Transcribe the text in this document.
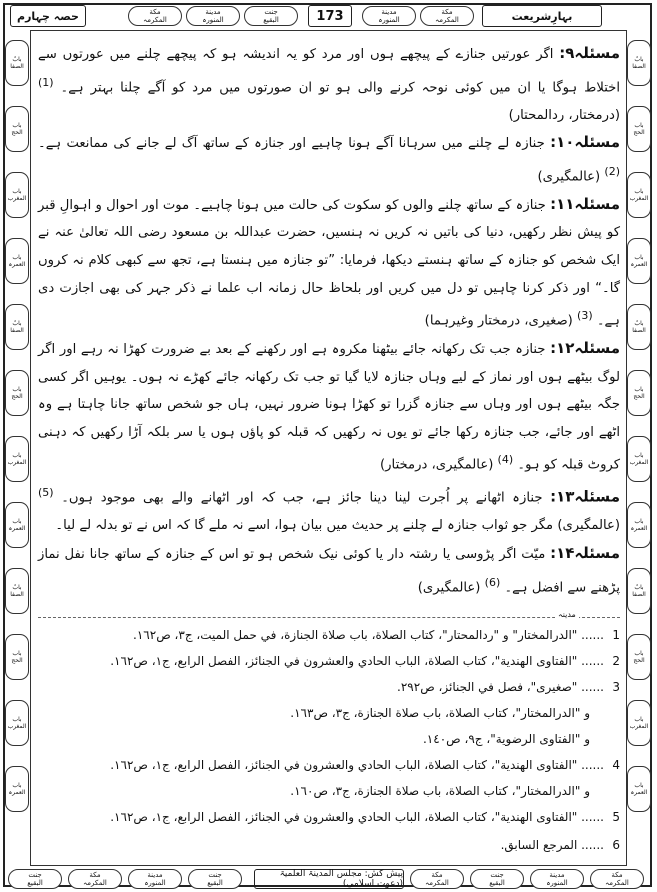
بہارِشریعت
مکة
المکرمہ
مدینة
المنورہ
173
جنت
البقیع
مدینة
المنورہ
مکة
المکرمہ
حصہ چہارم
بابُ
الصفا
باب
الحج
باب
المغرب
باب
العمرہ
بابُ
الصفا
باب
الحج
باب
المغرب
باب
العمرہ
بابُ
الصفا
باب
الحج
باب
المغرب
باب
العمرہ
بابُ
الصفا
باب
الحج
باب
المغرب
باب
العمرہ
بابُ
الصفا
باب
الحج
باب
المغرب
باب
العمرہ
بابُ
الصفا
باب
الحج
باب
المغرب
باب
العمرہ

مسئلہ۹: اگر عورتیں جنازے کے پیچھے ہوں اور مرد کو یہ اندیشہ ہو کہ پیچھے چلنے میں عورتوں سے اختلاط ہوگا یا ان میں کوئی نوحہ کرنے والی ہو تو ان صورتوں میں مرد کو آگے چلنا بہتر ہے۔ $^{(1)}$ (درمختار، ردالمحتار)

مسئلہ۱۰: جنازہ لے چلنے میں سرہانا آگے ہونا چاہیے اور جنازہ کے ساتھ آگ لے جانے کی ممانعت ہے۔ $^{(2)}$ (عالمگیری)

مسئلہ۱۱: جنازہ کے ساتھ چلنے والوں کو سکوت کی حالت میں ہونا چاہیے۔ موت اور احوال و اہوالِ قبر کو پیش نظر رکھیں، دنیا کی باتیں نہ کریں نہ ہنسیں، حضرت عبداللہ بن مسعود رضی اللہ تعالیٰ عنہ نے ایک شخص کو جنازہ کے ساتھ ہنستے دیکھا، فرمایا: ”تو جنازہ میں ہنستا ہے، تجھ سے کبھی کلام نہ کروں گا۔“ اور ذکر کرنا چاہیں تو دل میں کریں اور بلحاظ حال زمانہ اب علما نے ذکر جہر کی بھی اجازت دی ہے۔ $^{(3)}$ (صغیری، درمختار وغیرہما)

مسئلہ۱۲: جنازہ جب تک رکھانہ جائے بیٹھنا مکروہ ہے اور رکھنے کے بعد بے ضرورت کھڑا نہ رہے اور اگر لوگ بیٹھے ہوں اور نماز کے لیے وہاں جنازہ لایا گیا تو جب تک رکھانہ جائے کھڑے نہ ہوں۔ یوہیں اگر کسی جگہ بیٹھے ہوں اور وہاں سے جنازہ گزرا تو کھڑا ہونا ضرور نہیں، ہاں جو شخص ساتھ جانا چاہتا ہے وہ اٹھے اور جائے، جب جنازہ رکھا جائے تو یوں نہ رکھیں کہ قبلہ کو پاؤں ہوں یا سر بلکہ آڑا رکھیں کہ دہنی کروٹ قبلہ کو ہو۔ $^{(4)}$ (عالمگیری، درمختار)

مسئلہ۱۳: جنازہ اٹھانے پر اُجرت لینا دینا جائز ہے، جب کہ اور اٹھانے والے بھی موجود ہوں۔ $^{(5)}$ (عالمگیری) مگر جو ثواب جنازہ لے چلنے پر حدیث میں بیان ہوا، اسے نہ ملے گا کہ اس نے تو بدلہ لے لیا۔

مسئلہ۱۴: میّت اگر پڑوسی یا رشتہ دار یا کوئی نیک شخص ہو تو اس کے جنازہ کے ساتھ جانا نفل نماز پڑھنے سے افضل ہے۔ $^{(6)}$ (عالمگیری)

مدینہ
1...... "الدرالمختار" و "ردالمحتار"، كتاب الصلاة، باب صلاة الجنازة، في حمل الميت، ج٣، ص١٦٢.
2...... "الفتاوى الهندية"، كتاب الصلاة، الباب الحادي والعشرون في الجنائز، الفصل الرابع، ج١، ص١٦٢.
3...... "صغيرى"، فصل في الجنائز، ص٢٩٢.
و "الدرالمختار"، كتاب الصلاة، باب صلاة الجنازة، ج٣، ص١٦٣.
و "الفتاوى الرضوية"، ج٩، ص١٤٠.
4...... "الفتاوى الهندية"، كتاب الصلاة، الباب الحادي والعشرون في الجنائز، الفصل الرابع، ج١، ص١٦٢.
و "الدرالمختار"، كتاب الصلاة، باب صلاة الجنازة، ج٣، ص١٦٠.
5...... "الفتاوى الهندية"، كتاب الصلاة، الباب الحادي والعشرون في الجنائز، الفصل الرابع، ج١، ص١٦٢.
6...... المرجع السابق.
مکة
المکرمہ
مدینة
المنورہ
جنت
البقیع
مکة
المکرمہ
پیش کش: مجلس المدینۃ العلمیۃ (دعوت اسلامی)
جنت
البقیع
مدینة
المنورہ
مکة
المکرمہ
جنت
البقیع
